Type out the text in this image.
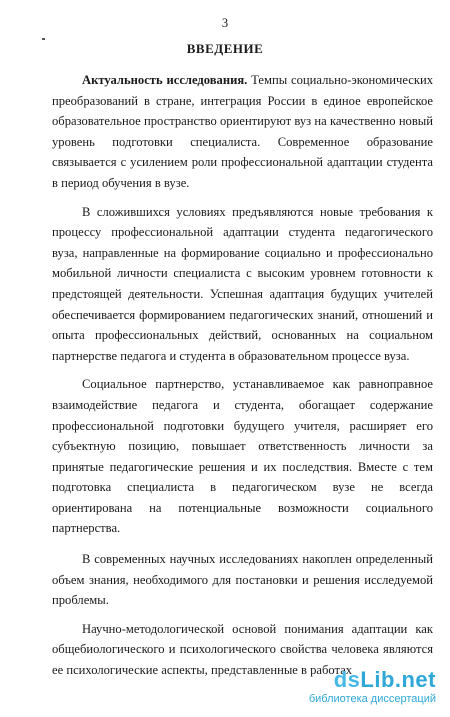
3
ВВЕДЕНИЕ

Актуальность исследования. Темпы социально-экономических преобразований в стране, интеграция России в единое европейское образовательное пространство ориентируют вуз на качественно новый уровень подготовки специалиста. Современное образование связывается с усилением роли профессиональной адаптации студента в период обучения в вузе.

В сложившихся условиях предъявляются новые требования к процессу профессиональной адаптации студента педагогического вуза, направленные на формирование социально и профессионально мобильной личности специалиста с высоким уровнем готовности к предстоящей деятельности. Успешная адаптация будущих учителей обеспечивается формированием педагогических знаний, отношений и опыта профессиональных действий, основанных на социальном партнерстве педагога и студента в образовательном процессе вуза.

Социальное партнерство, устанавливаемое как равноправное взаимодействие педагога и студента, обогащает содержание профессиональной подготовки будущего учителя, расширяет его субъектную позицию, повышает ответственность личности за принятые педагогические решения и их последствия. Вместе с тем подготовка специалиста в педагогическом вузе не всегда ориентирована на потенциальные возможности социального партнерства.

В современных научных исследованиях накоплен определенный объем знания, необходимого для постановки и решения исследуемой проблемы.

Научно-методологической основой понимания адаптации как общебиологического и психологического свойства человека являются ее психологические аспекты, представленные в работах

dsLib.net
библиотека диссертаций
